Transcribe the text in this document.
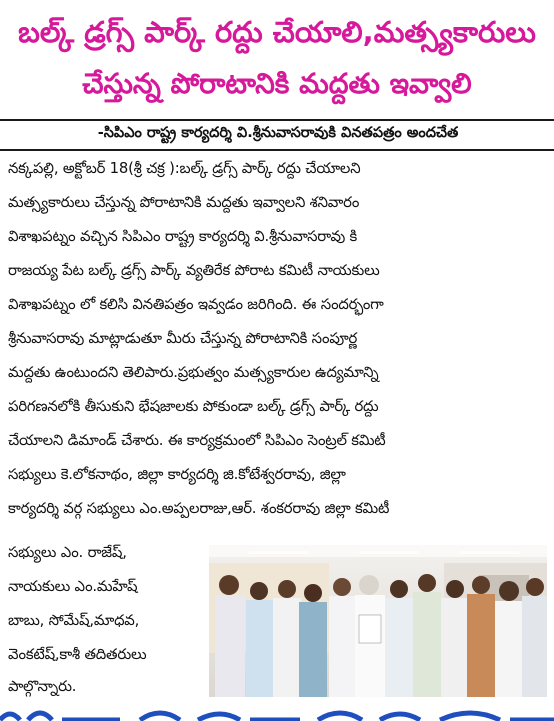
బల్క్ డ్రగ్స్ పార్క్ రద్దు చేయాలి,మత్స్యకారులు
చేస్తున్న పోరాటానికి మద్దతు ఇవ్వాలి
-సిపిఎం రాష్ట్ర కార్యదర్శి వి.శ్రీనువాసరావుకి వినతపత్రం అందచేత
నక్కపల్లి, అక్టోబర్ 18(శ్రీ చక్ర ):బల్క్ డ్రగ్స్ పార్క్ రద్దు చేయాలని
మత్స్యకారులు చేస్తున్న పోరాటానికి మద్దతు ఇవ్వాలని శనివారం
విశాఖపట్నం వచ్చిన సిపిఎం రాష్ట్ర కార్యదర్శి వి.శ్రీనువాసరావు కి
రాజయ్య పేట బల్క్ డ్రగ్స్ పార్క్ వ్యతిరేక పోరాట కమిటీ నాయకులు
విశాఖపట్నం లో కలిసి వినతిపత్రం ఇవ్వడం జరిగింది. ఈ సందర్భంగా
శ్రీనువాసరావు మాట్లాడుతూ మీరు చేస్తున్న పోరాటానికి సంపూర్ణ
మద్దతు ఉంటుందని తెలిపారు.ప్రభుత్వం మత్స్యకారుల ఉద్యమాన్ని
పరిగణనలోకి తీసుకుని భేషజాలకు పోకుండా బల్క్ డ్రగ్స్ పార్క్ రద్దు
చేయాలని డిమాండ్ చేశారు. ఈ కార్యక్రమంలో సిపిఎం సెంట్రల్ కమిటీ
సభ్యులు కె.లోకనాథం, జిల్లా కార్యదర్శి జి.కోటేశ్వరరావు, జిల్లా
కార్యదర్శి వర్గ సభ్యులు ఎం.అప్పలరాజు,ఆర్. శంకరరావు జిల్లా కమిటీ
సభ్యులు ఎం. రాజేష్,
నాయకులు ఎం.మహేష్
బాబు, సోమేష్,మాధవ,
వెంకటేష్,కాశీ తదితరులు
పాల్గొన్నారు.
